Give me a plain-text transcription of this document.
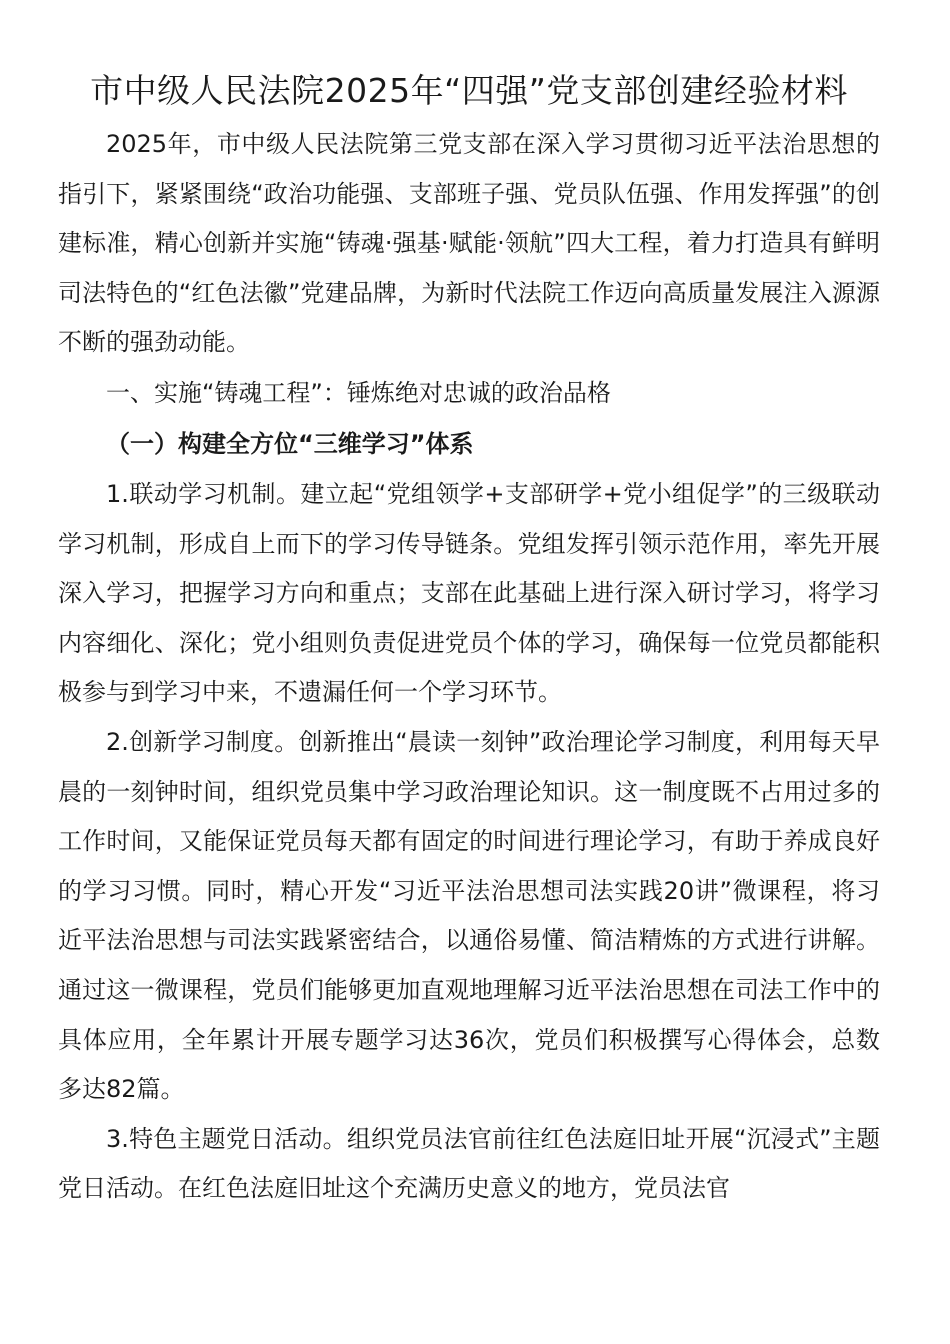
市中级人民法院2025年“四强”党支部创建经验材料

2025年，市中级人民法院第三党支部在深入学习贯彻习近平法治思想的指引下，紧紧围绕“政治功能强、支部班子强、党员队伍强、作用发挥强”的创建标准，精心创新并实施“铸魂·强基·赋能·领航”四大工程，着力打造具有鲜明司法特色的“红色法徽”党建品牌，为新时代法院工作迈向高质量发展注入源源不断的强劲动能。

一、实施“铸魂工程”：锤炼绝对忠诚的政治品格

（一）构建全方位“三维学习”体系

1.联动学习机制。建立起“党组领学+支部研学+党小组促学”的三级联动学习机制，形成自上而下的学习传导链条。党组发挥引领示范作用，率先开展深入学习，把握学习方向和重点；支部在此基础上进行深入研讨学习，将学习内容细化、深化；党小组则负责促进党员个体的学习，确保每一位党员都能积极参与到学习中来，不遗漏任何一个学习环节。

2.创新学习制度。创新推出“晨读一刻钟”政治理论学习制度，利用每天早晨的一刻钟时间，组织党员集中学习政治理论知识。这一制度既不占用过多的工作时间，又能保证党员每天都有固定的时间进行理论学习，有助于养成良好的学习习惯。同时，精心开发“习近平法治思想司法实践20讲”微课程，将习近平法治思想与司法实践紧密结合，以通俗易懂、简洁精炼的方式进行讲解。通过这一微课程，党员们能够更加直观地理解习近平法治思想在司法工作中的具体应用，全年累计开展专题学习达36次，党员们积极撰写心得体会，总数多达82篇。

3.特色主题党日活动。组织党员法官前往红色法庭旧址开展“沉浸式”主题党日活动。在红色法庭旧址这个充满历史意义的地方，党员法官
